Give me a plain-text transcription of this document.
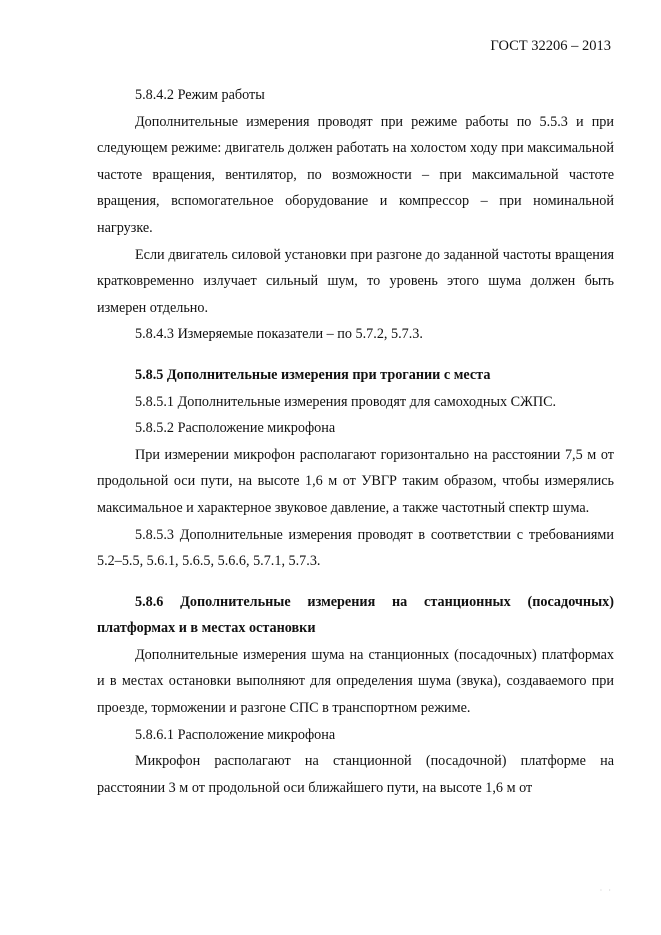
ГОСТ 32206 – 2013

5.8.4.2 Режим работы

Дополнительные измерения проводят при режиме работы по 5.5.3 и при следующем режиме: двигатель должен работать на холостом ходу при максимальной частоте вращения, вентилятор, по возможности – при максимальной частоте вращения, вспомогательное оборудование и компрессор – при номинальной нагрузке.

Если двигатель силовой установки при разгоне до заданной частоты вращения кратковременно излучает сильный шум, то уровень этого шума должен быть измерен отдельно.

5.8.4.3 Измеряемые показатели – по 5.7.2, 5.7.3.

5.8.5 Дополнительные измерения при трогании с места

5.8.5.1 Дополнительные измерения проводят для самоходных СЖПС.

5.8.5.2 Расположение микрофона

При измерении микрофон располагают горизонтально на расстоянии 7,5 м от продольной оси пути, на высоте 1,6 м от УВГР таким образом, чтобы измерялись максимальное и характерное звуковое давление, а также частотный спектр шума.

5.8.5.3 Дополнительные измерения проводят в соответствии с требованиями 5.2–5.5, 5.6.1, 5.6.5, 5.6.6, 5.7.1, 5.7.3.

5.8.6 Дополнительные измерения на станционных (посадочных) платформах и в местах остановки

Дополнительные измерения шума на станционных (посадочных) платформах и в местах остановки выполняют для определения шума (звука), создаваемого при проезде, торможении и разгоне СПС в транспортном режиме.

5.8.6.1 Расположение микрофона

Микрофон располагают на станционной (посадочной) платформе на расстоянии 3 м от продольной оси ближайшего пути, на высоте 1,6 м от

· ·
